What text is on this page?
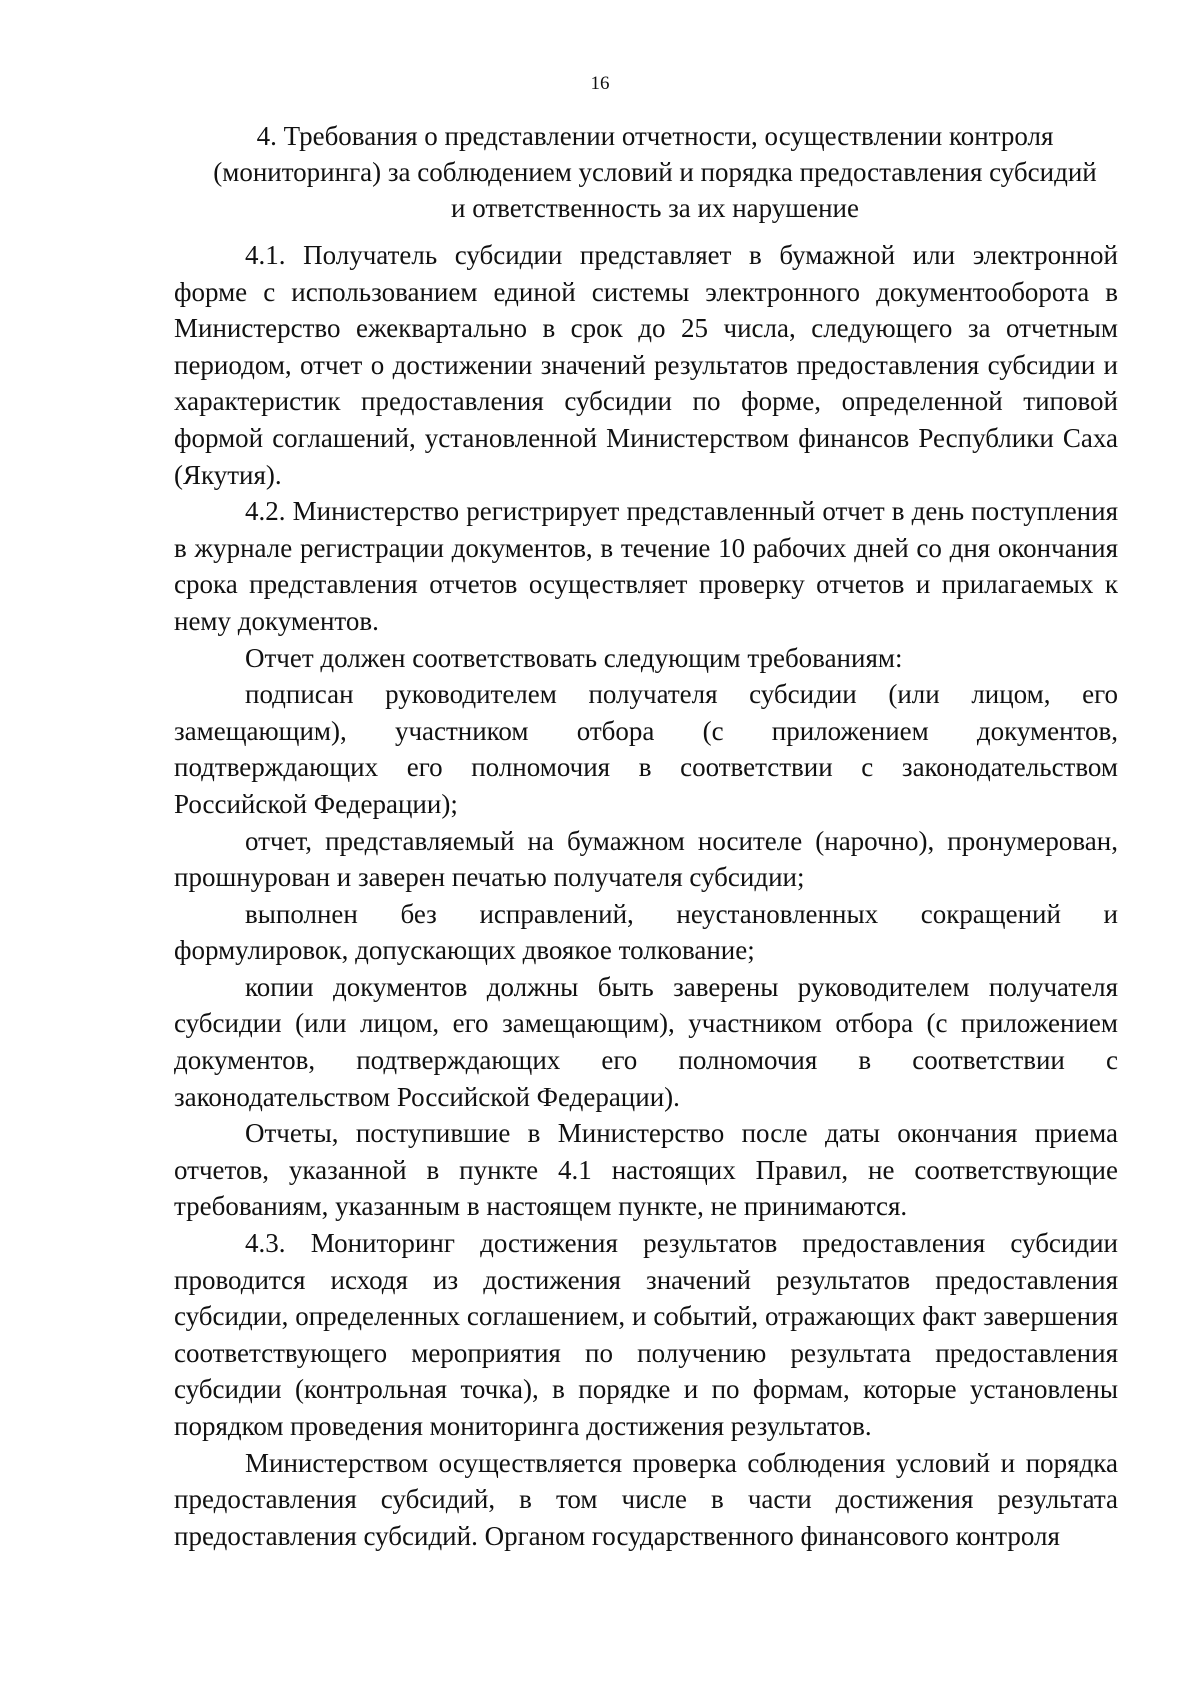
16
4. Требования о представлении отчетности, осуществлении контроля
(мониторинга) за соблюдением условий и порядка предоставления субсидий
и ответственность за их нарушение

4.1. Получатель субсидии представляет в бумажной или электронной форме с использованием единой системы электронного документооборота в Министерство ежеквартально в срок до 25 числа, следующего за отчетным периодом, отчет о достижении значений результатов предоставления субсидии и характеристик предоставления субсидии по форме, определенной типовой формой соглашений, установленной Министерством финансов Республики Саха (Якутия).

4.2. Министерство регистрирует представленный отчет в день поступления в журнале регистрации документов, в течение 10 рабочих дней со дня окончания срока представления отчетов осуществляет проверку отчетов и прилагаемых к нему документов.

Отчет должен соответствовать следующим требованиям:

подписан руководителем получателя субсидии (или лицом, его замещающим), участником отбора (с приложением документов, подтверждающих его полномочия в соответствии с законодательством Российской Федерации);

отчет, представляемый на бумажном носителе (нарочно), пронумерован, прошнурован и заверен печатью получателя субсидии;

выполнен без исправлений, неустановленных сокращений и формулировок, допускающих двоякое толкование;

копии документов должны быть заверены руководителем получателя субсидии (или лицом, его замещающим), участником отбора (с приложением документов, подтверждающих его полномочия в соответствии с законодательством Российской Федерации).

Отчеты, поступившие в Министерство после даты окончания приема отчетов, указанной в пункте 4.1 настоящих Правил, не соответствующие требованиям, указанным в настоящем пункте, не принимаются.

4.3. Мониторинг достижения результатов предоставления субсидии проводится исходя из достижения значений результатов предоставления субсидии, определенных соглашением, и событий, отражающих факт завершения соответствующего мероприятия по получению результата предоставления субсидии (контрольная точка), в порядке и по формам, которые установлены порядком проведения мониторинга достижения результатов.

Министерством осуществляется проверка соблюдения условий и порядка предоставления субсидий, в том числе в части достижения результата предоставления субсидий. Органом государственного финансового контроля
